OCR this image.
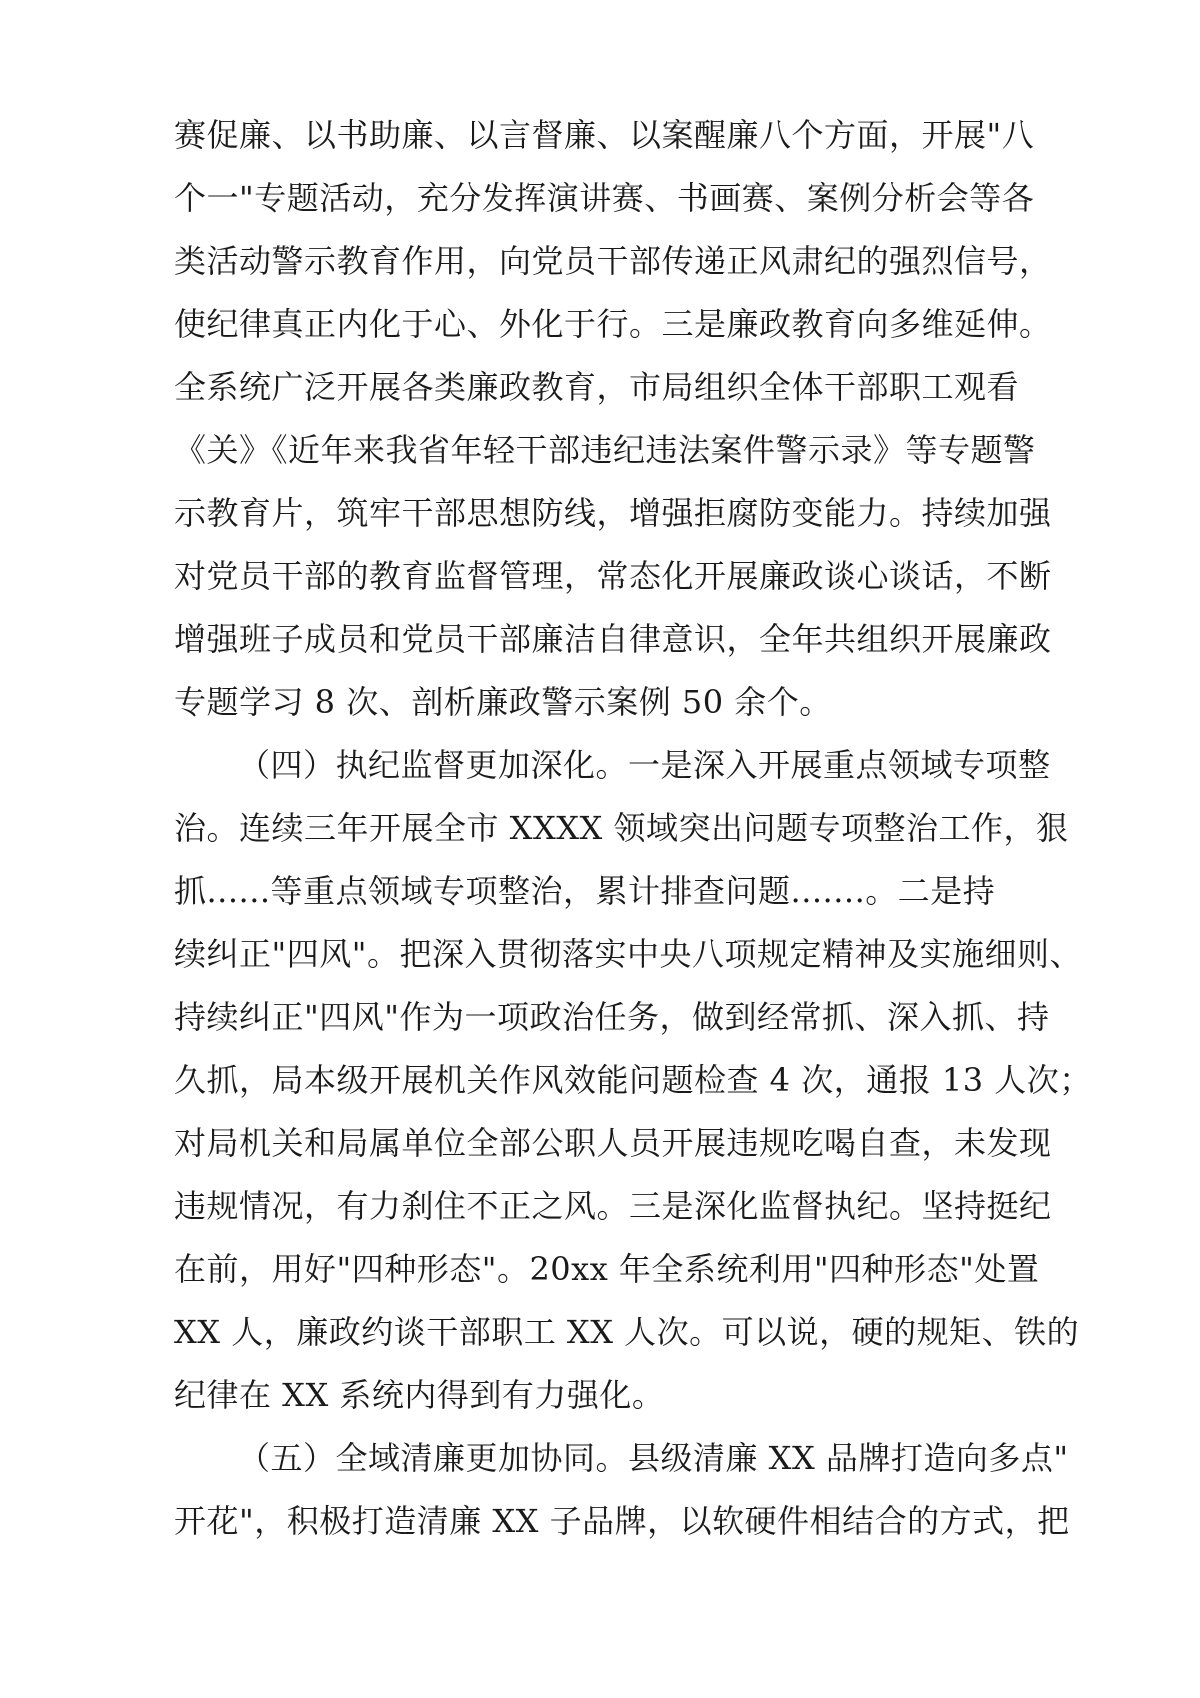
赛促廉、以书助廉、以言督廉、以案醒廉八个方面，开展"八
个一"专题活动，充分发挥演讲赛、书画赛、案例分析会等各
类活动警示教育作用，向党员干部传递正风肃纪的强烈信号，
使纪律真正内化于心、外化于行。三是廉政教育向多维延伸。
全系统广泛开展各类廉政教育，市局组织全体干部职工观看
《关》《近年来我省年轻干部违纪违法案件警示录》等专题警
示教育片，筑牢干部思想防线，增强拒腐防变能力。持续加强
对党员干部的教育监督管理，常态化开展廉政谈心谈话，不断
增强班子成员和党员干部廉洁自律意识，全年共组织开展廉政
专题学习 8 次、剖析廉政警示案例 50 余个。
（四）执纪监督更加深化。一是深入开展重点领域专项整
治。连续三年开展全市 XXXX 领域突出问题专项整治工作，狠
抓......等重点领域专项整治，累计排查问题.......。二是持
续纠正"四风"。把深入贯彻落实中央八项规定精神及实施细则、
持续纠正"四风"作为一项政治任务，做到经常抓、深入抓、持
久抓，局本级开展机关作风效能问题检查 4 次，通报 13 人次；
对局机关和局属单位全部公职人员开展违规吃喝自查，未发现
违规情况，有力刹住不正之风。三是深化监督执纪。坚持挺纪
在前，用好"四种形态"。20xx 年全系统利用"四种形态"处置
XX 人，廉政约谈干部职工 XX 人次。可以说，硬的规矩、铁的
纪律在 XX 系统内得到有力强化。
（五）全域清廉更加协同。县级清廉 XX 品牌打造向多点"
开花"，积极打造清廉 XX 子品牌，以软硬件相结合的方式，把
